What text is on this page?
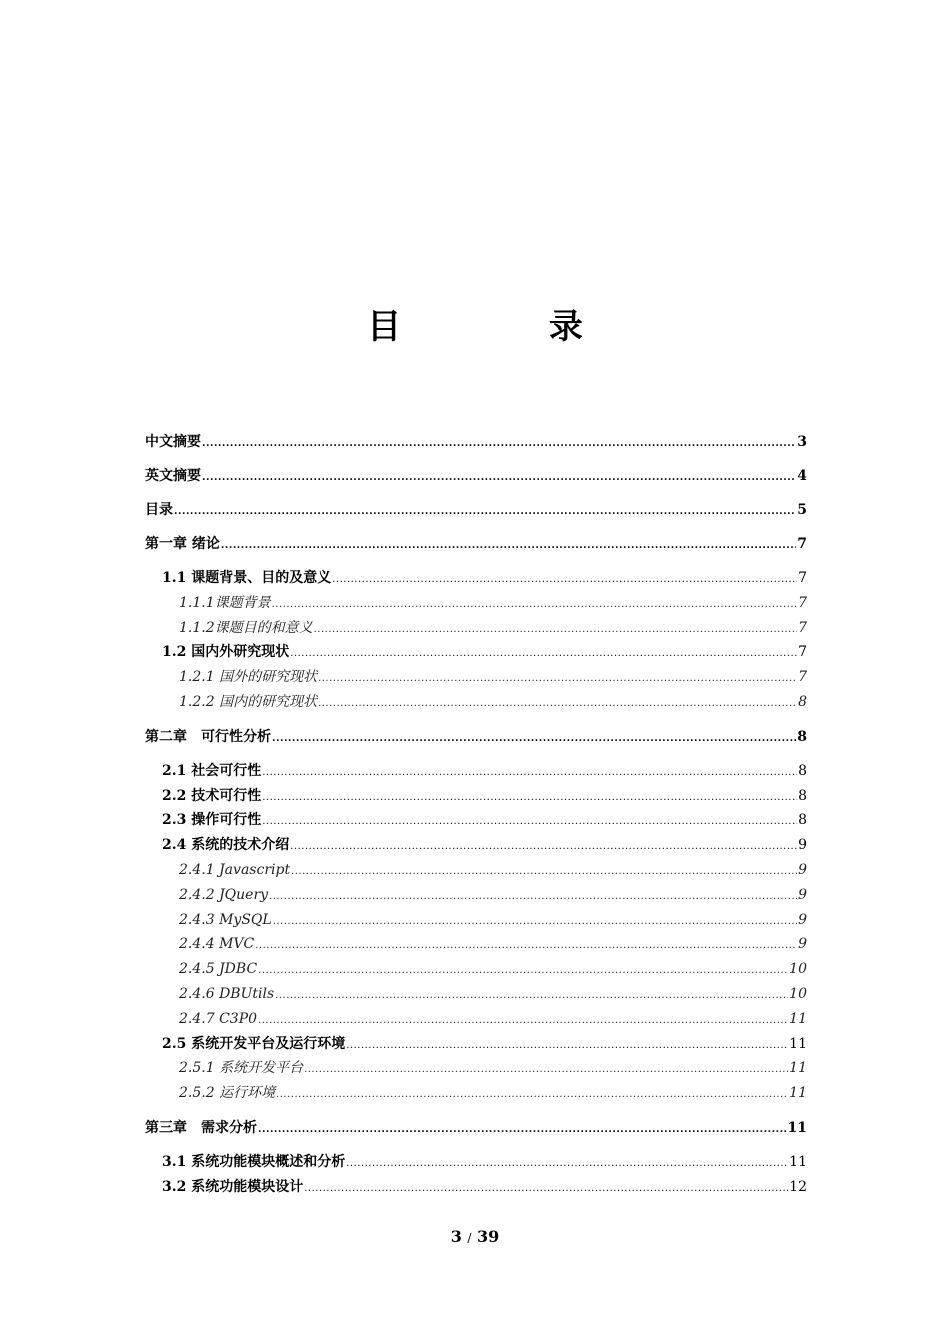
目 录
中文摘要 .....	3
英文摘要 .....	4
目录 .....	5
第一章 绪论 .....	7
1.1 课题背景、目的及意义 .....	7
1.1.1课题背景 .....	7
1.1.2课题目的和意义 .....	7
1.2 国内外研究现状 .....	7
1.2.1 国外的研究现状 .....	7
1.2.2 国内的研究现状 .....	8
第二章　可行性分析 .....	8
2.1 社会可行性 .....	8
2.2 技术可行性 .....	8
2.3 操作可行性 .....	8
2.4 系统的技术介绍 .....	9
2.4.1 Javascript .....	9
2.4.2 JQuery .....	9
2.4.3 MySQL .....	9
2.4.4 MVC .....	9
2.4.5 JDBC .....	10
2.4.6 DBUtils .....	10
2.4.7 C3P0 .....	11
2.5 系统开发平台及运行环境 .....	11
2.5.1 系统开发平台 .....	11
2.5.2 运行环境 .....	11
第三章　需求分析 .....	11
3.1 系统功能模块概述和分析 .....	11
3.2 系统功能模块设计 .....	12
3 / 39
